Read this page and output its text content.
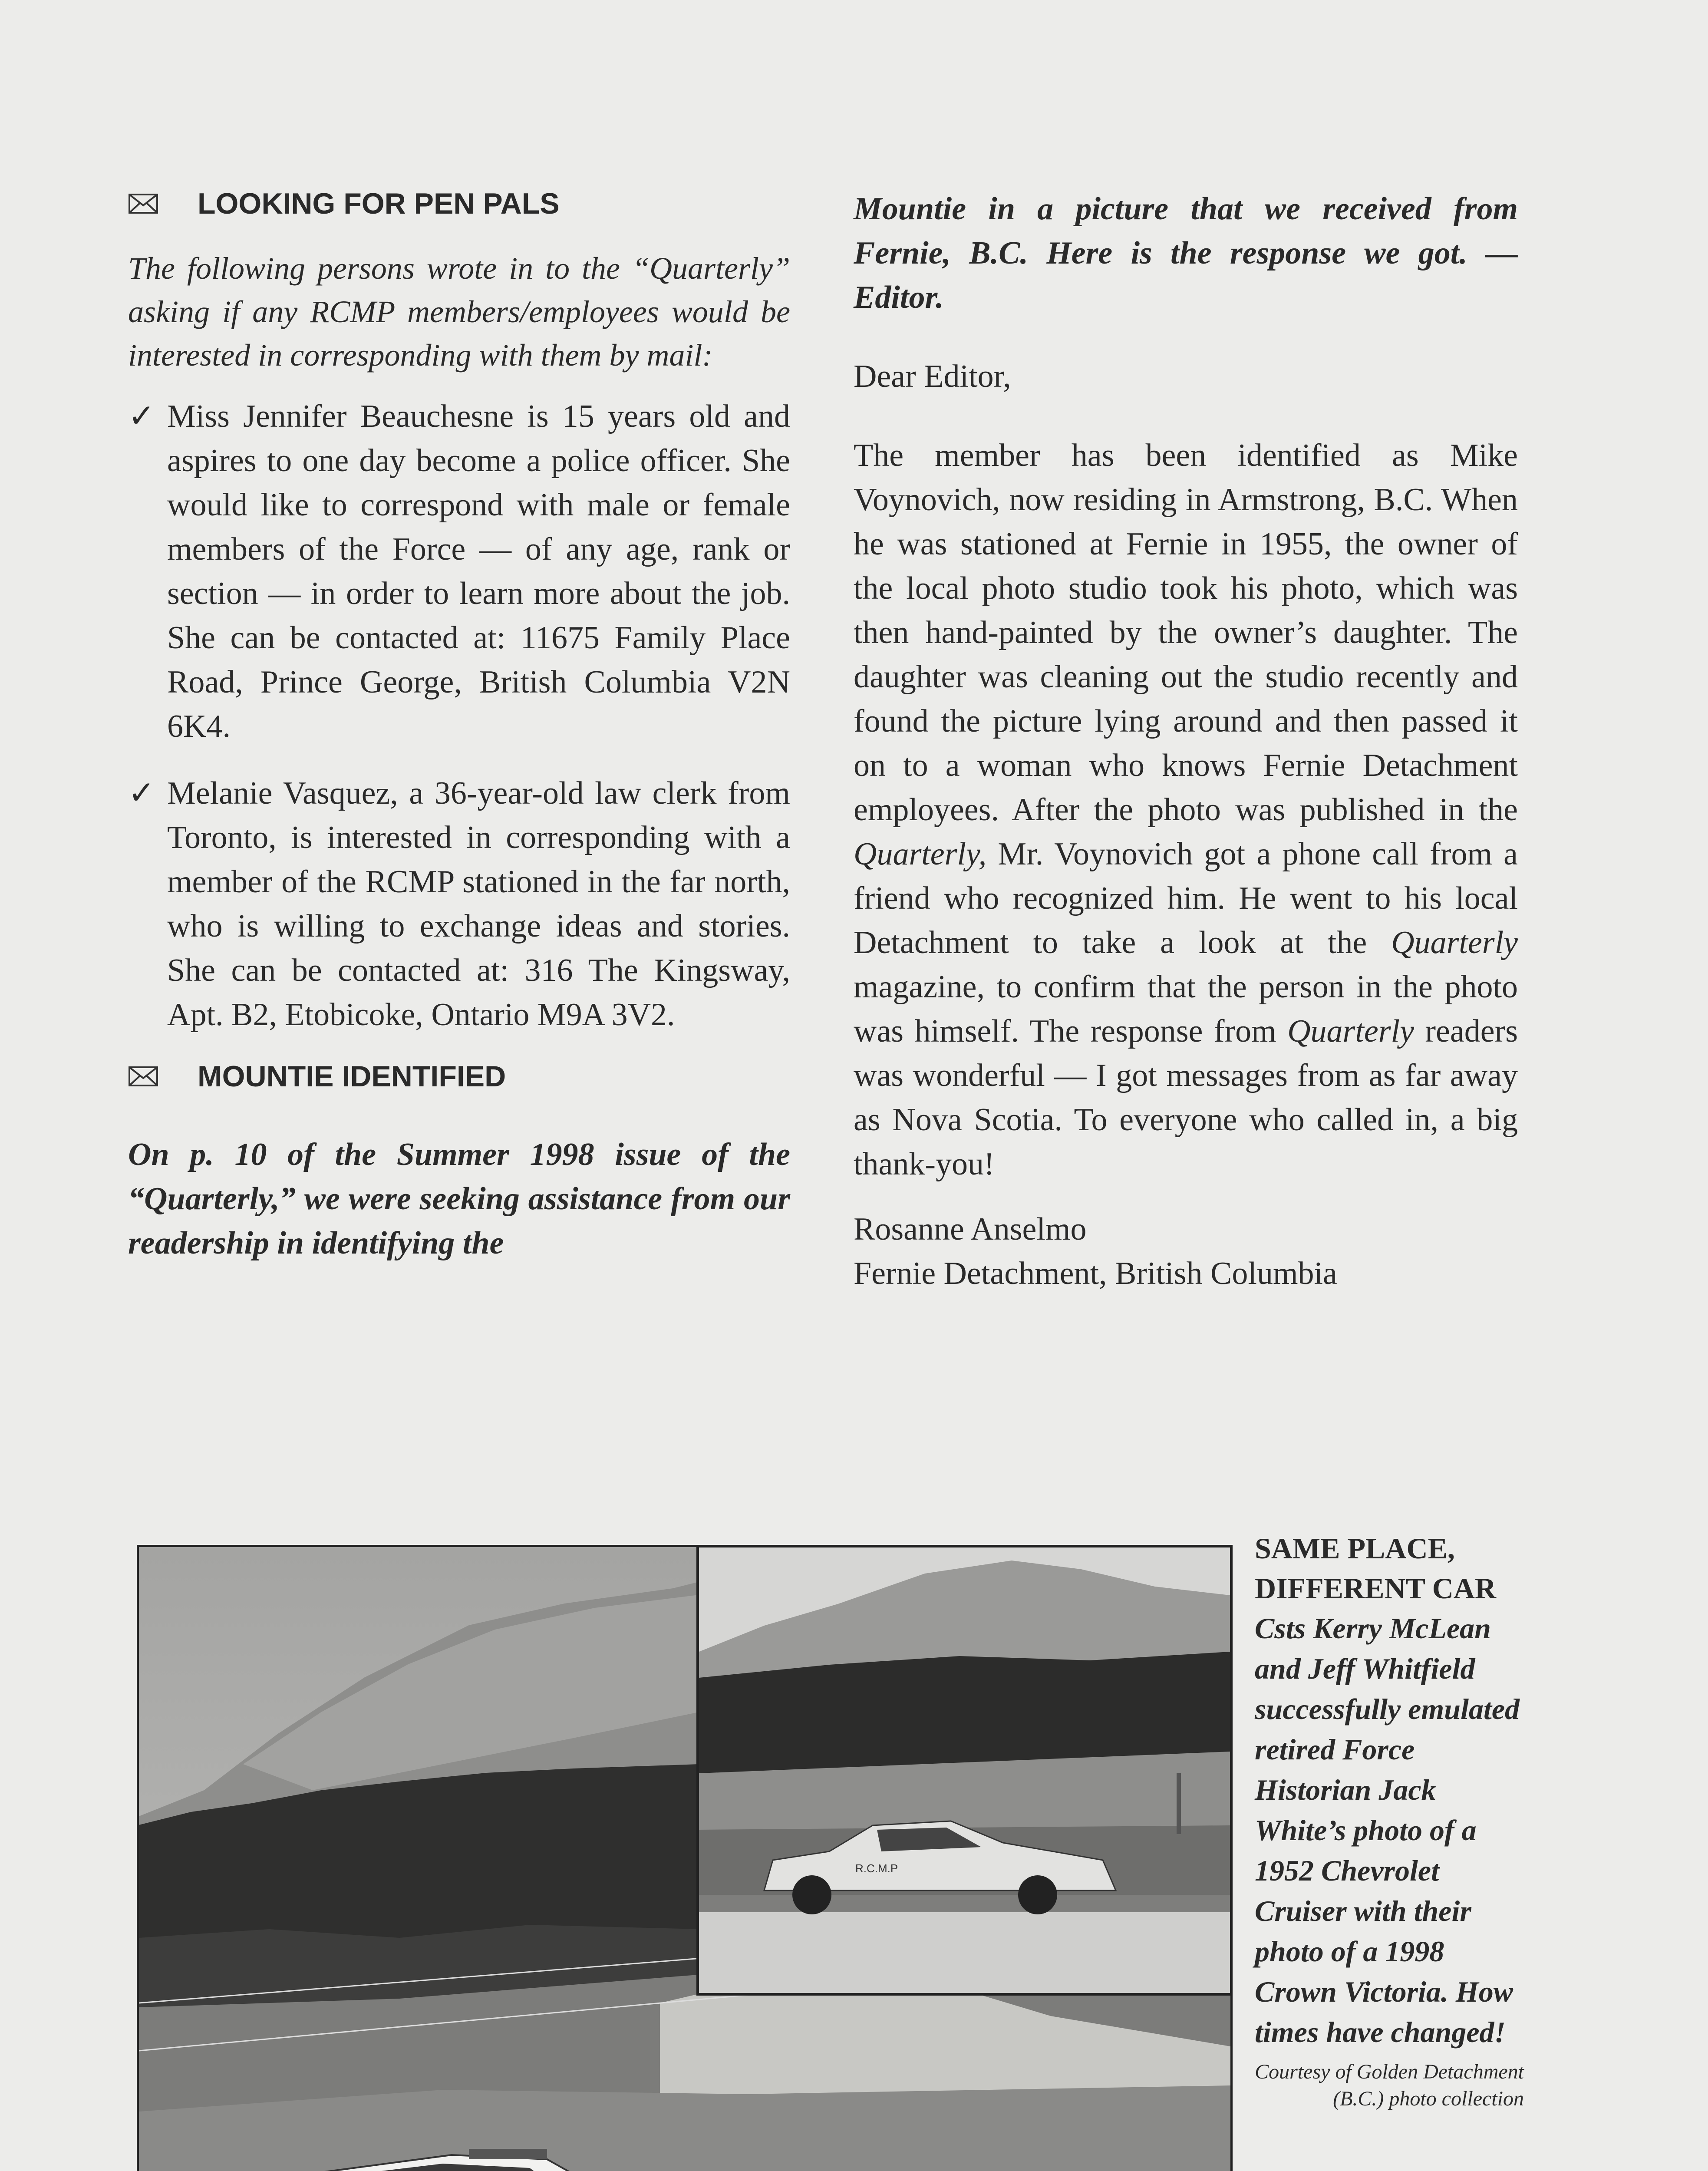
LOOKING FOR PEN PALS

The following persons wrote in to the “Quarterly” asking if any RCMP members/employees would be interested in corresponding with them by mail:

✓ Miss Jennifer Beauchesne is 15 years old and aspires to one day become a police officer. She would like to correspond with male or female members of the Force — of any age, rank or section — in order to learn more about the job. She can be contacted at: 11675 Family Place Road, Prince George, British Columbia V2N 6K4.
✓ Melanie Vasquez, a 36-year-old law clerk from Toronto, is interested in corresponding with a member of the RCMP stationed in the far north, who is willing to exchange ideas and stories. She can be contacted at: 316 The Kingsway, Apt. B2, Etobicoke, Ontario M9A 3V2.
MOUNTIE IDENTIFIED

On p. 10 of the Summer 1998 issue of the “Quarterly,” we were seeking assistance from our readership in identifying the

Mountie in a picture that we received from Fernie, B.C. Here is the response we got. — Editor.

Dear Editor,

The member has been identified as Mike Voynovich, now residing in Armstrong, B.C. When he was stationed at Fernie in 1955, the owner of the local photo studio took his photo, which was then hand-painted by the owner’s daughter. The daughter was cleaning out the studio recently and found the picture lying around and then passed it on to a woman who knows Fernie Detachment employees. After the photo was published in the Quarterly, Mr. Voynovich got a phone call from a friend who recognized him. He went to his local Detachment to take a look at the Quarterly magazine, to confirm that the person in the photo was himself. The response from Quarterly readers was wonderful — I got messages from as far away as Nova Scotia. To everyone who called in, a big thank-you!

Rosanne Anselmo

Fernie Detachment, British Columbia

R.C.M.P

SAME PLACE, DIFFERENT CAR

Csts Kerry McLean and Jeff Whitfield successfully emulated retired Force Historian Jack White’s photo of a 1952 Chevrolet Cruiser with their photo of a 1998 Crown Victoria. How times have changed!

Courtesy of Golden Detachment (B.C.) photo collection
